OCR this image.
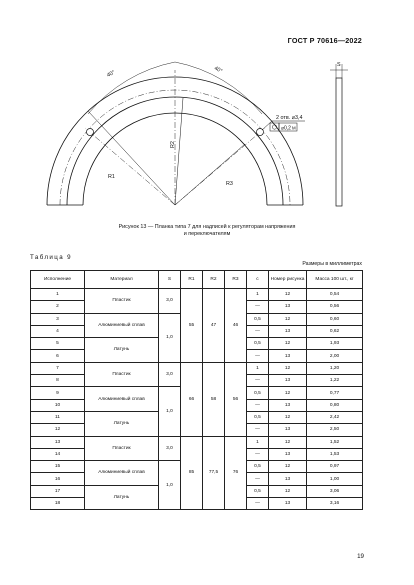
ГОСТ Р 70616—2022
40°	40°
R1
R2
R3
2 отв. ⌀3,4
⌀0,2 M
S
Рисунок 13 — Планка типа 7 для надписей к регуляторам напряжения
и переключателям
Таблица 9
Размеры в миллиметрах
Исполнение	Материал	S	R1	R2	R3	c	Номер рисунка	Масса 100 шт., кг
1	Пластик	3,0	55	47	46	1	12	0,54
2						—	13	0,56
3	Алюминиевый сплав	1,0				0,5	12	0,60
4						—	13	0,62
5	Латунь					0,5	12	1,93
6						—	13	2,00
7	Пластик	3,0	66	58	56	1	12	1,20
8						—	13	1,22
9	Алюминиевый сплав	1,0				0,5	12	0,77
10						—	13	0,80
11	Латунь					0,5	12	2,42
12						—	13	2,50
13	Пластик	3,0	85	77,5	76	1	12	1,52
14						—	13	1,53
15	Алюминиевый сплав	1,0				0,5	12	0,97
16						—	13	1,00
17	Латунь					0,5	12	3,06
18						—	13	3,16
19
